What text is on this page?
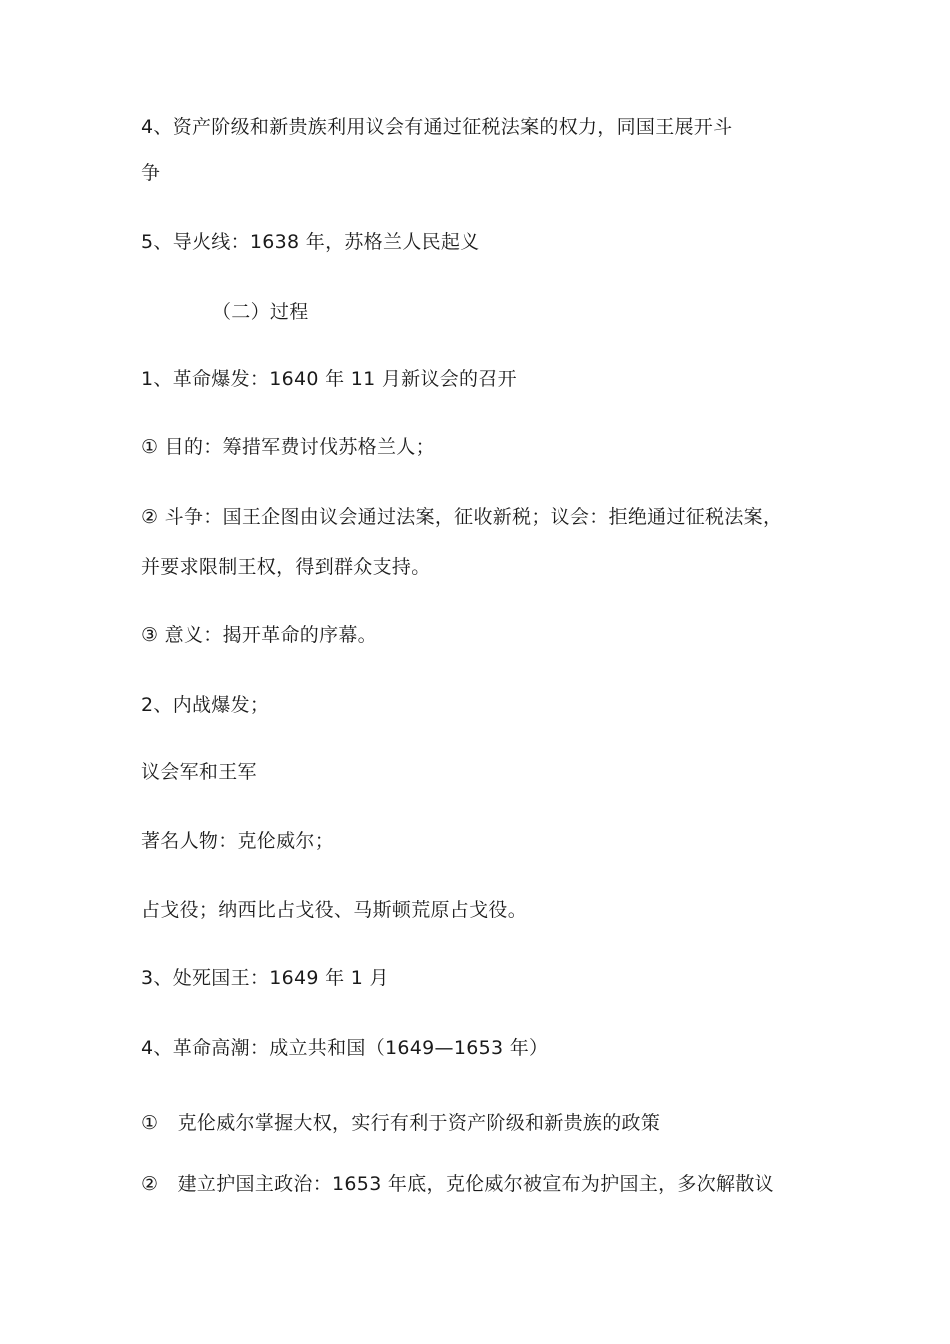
4、资产阶级和新贵族利用议会有通过征税法案的权力，同国王展开斗
争
5、导火线：1638 年，苏格兰人民起义
（二）过程
1、革命爆发：1640 年 11 月新议会的召开
① 目的：筹措军费讨伐苏格兰人；
② 斗争：国王企图由议会通过法案，征收新税；议会：拒绝通过征税法案，
并要求限制王权，得到群众支持。
③ 意义：揭开革命的序幕。
2、内战爆发；
议会军和王军
著名人物：克伦威尔；
占戈役；纳西比占戈役、马斯顿荒原占戈役。
3、处死国王：1649 年 1 月
4、革命高潮：成立共和国（1649—1653 年）
①　克伦威尔掌握大权，实行有利于资产阶级和新贵族的政策
②　建立护国主政治：1653 年底，克伦威尔被宣布为护国主，多次解散议
